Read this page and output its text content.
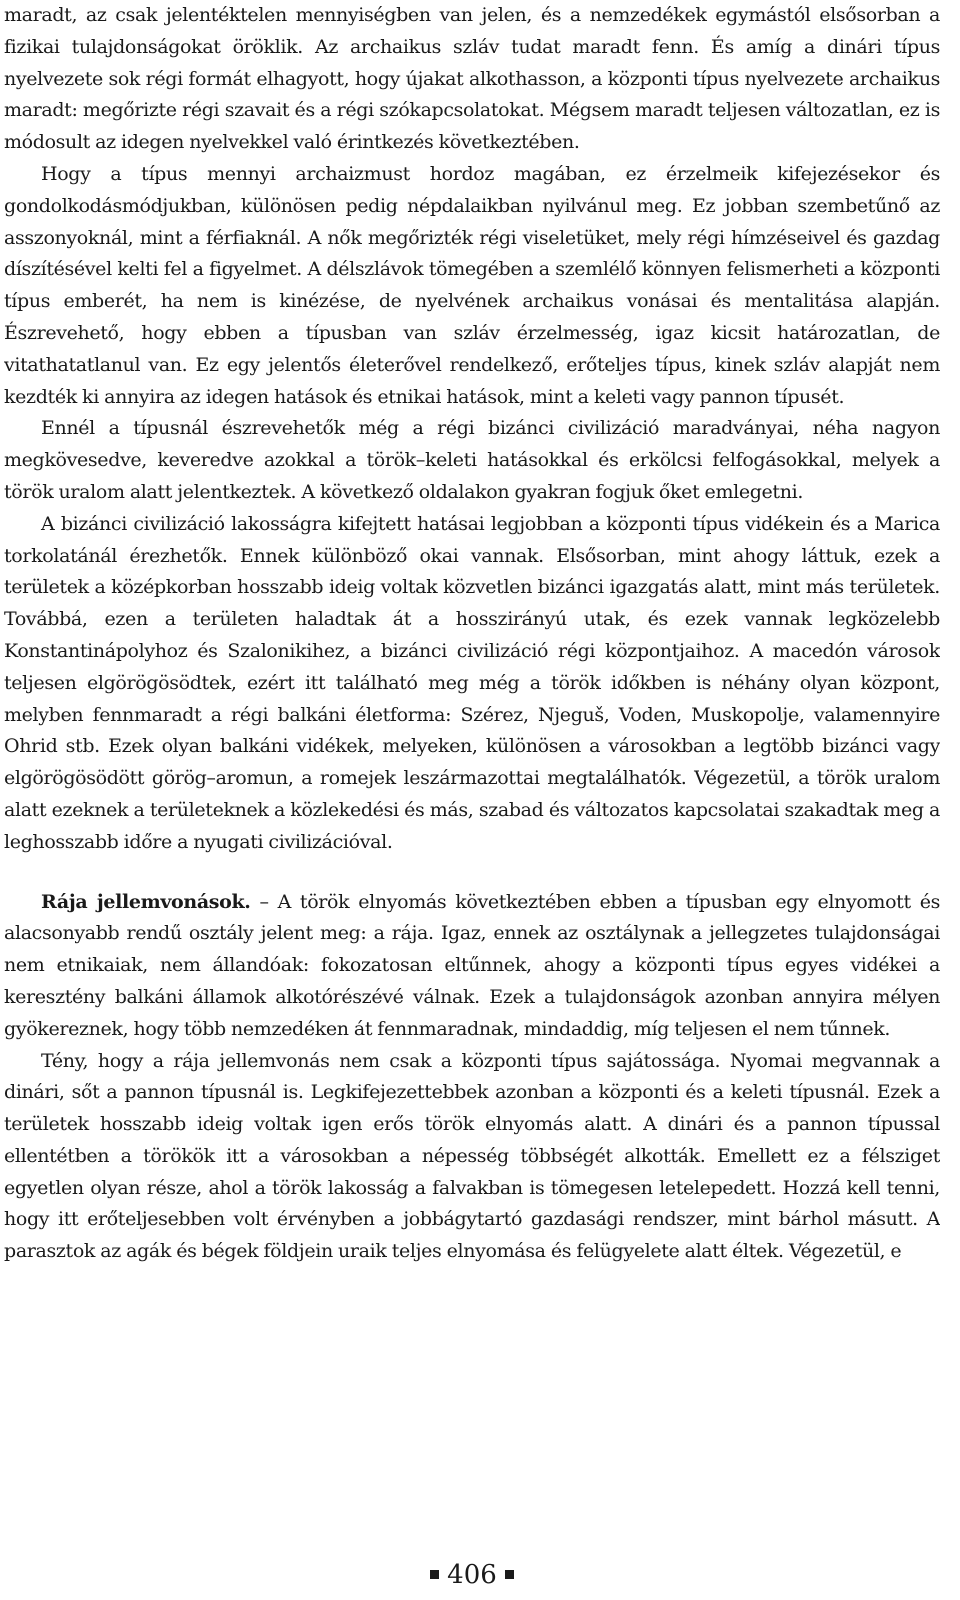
maradt, az csak jelentéktelen mennyiségben van jelen, és a nemzedékek egymástól elsősorban a fizikai tulajdonságokat öröklik. Az archaikus szláv tudat maradt fenn. És amíg a dinári típus nyelvezete sok régi formát elhagyott, hogy újakat alkothasson, a központi típus nyelvezete archaikus maradt: megőrizte régi szavait és a régi szókapcsolatokat. Mégsem maradt teljesen változatlan, ez is módosult az idegen nyelvekkel való érintkezés következtében.

Hogy a típus mennyi archaizmust hordoz magában, ez érzelmeik kifejezésekor és gondolkodásmódjukban, különösen pedig népdalaikban nyilvánul meg. Ez jobban szembetűnő az asszonyoknál, mint a férfiaknál. A nők megőrizték régi viseletüket, mely régi hímzéseivel és gazdag díszítésével kelti fel a figyelmet. A délszlávok tömegében a szemlélő könnyen felismerheti a központi típus emberét, ha nem is kinézése, de nyelvének archaikus vonásai és mentalitása alapján. Észrevehető, hogy ebben a típusban van szláv érzelmesség, igaz kicsit határozatlan, de vitathatatlanul van. Ez egy jelentős életerővel rendelkező, erőteljes típus, kinek szláv alapját nem kezdték ki annyira az idegen hatások és etnikai hatások, mint a keleti vagy pannon típusét.

Ennél a típusnál észrevehetők még a régi bizánci civilizáció maradványai, néha nagyon megkövesedve, keveredve azokkal a török–keleti hatásokkal és erkölcsi felfogásokkal, melyek a török uralom alatt jelentkeztek. A következő oldalakon gyakran fogjuk őket emlegetni.

A bizánci civilizáció lakosságra kifejtett hatásai legjobban a központi típus vidékein és a Marica torkolatánál érezhetők. Ennek különböző okai vannak. Elsősorban, mint ahogy láttuk, ezek a területek a középkorban hosszabb ideig voltak közvetlen bizánci igazgatás alatt, mint más területek. Továbbá, ezen a területen haladtak át a hosszirányú utak, és ezek vannak legközelebb Konstantinápolyhoz és Szalonikihez, a bizánci civilizáció régi központjaihoz. A macedón városok teljesen elgörögösödtek, ezért itt található meg még a török időkben is néhány olyan központ, melyben fennmaradt a régi balkáni életforma: Szérez, Njeguš, Voden, Muskopolje, valamennyire Ohrid stb. Ezek olyan balkáni vidékek, melyeken, különösen a városokban a legtöbb bizánci vagy elgörögösödött görög–aromun, a romejek leszármazottai megtalálhatók. Végezetül, a török uralom alatt ezeknek a területeknek a közlekedési és más, szabad és változatos kapcsolatai szakadtak meg a leghosszabb időre a nyugati civilizációval.

Rája jellemvonások. – A török elnyomás következtében ebben a típusban egy elnyomott és alacsonyabb rendű osztály jelent meg: a rája. Igaz, ennek az osztálynak a jellegzetes tulajdonságai nem etnikaiak, nem állandóak: fokozatosan eltűnnek, ahogy a központi típus egyes vidékei a keresztény balkáni államok alkotórészévé válnak. Ezek a tulajdonságok azonban annyira mélyen gyökereznek, hogy több nemzedéken át fennmaradnak, mindaddig, míg teljesen el nem tűnnek.

Tény, hogy a rája jellemvonás nem csak a központi típus sajátossága. Nyomai megvannak a dinári, sőt a pannon típusnál is. Legkifejezettebbek azonban a központi és a keleti típusnál. Ezek a területek hosszabb ideig voltak igen erős török elnyomás alatt. A dinári és a pannon típussal ellentétben a törökök itt a városokban a népesség többségét alkották. Emellett ez a félsziget egyetlen olyan része, ahol a török lakosság a falvakban is tömegesen letelepedett. Hozzá kell tenni, hogy itt erőteljesebben volt érvényben a jobbágytartó gazdasági rendszer, mint bárhol másutt. A parasztok az agák és bégek földjein uraik teljes elnyomása és felügyelete alatt éltek. Végezetül, e

406
